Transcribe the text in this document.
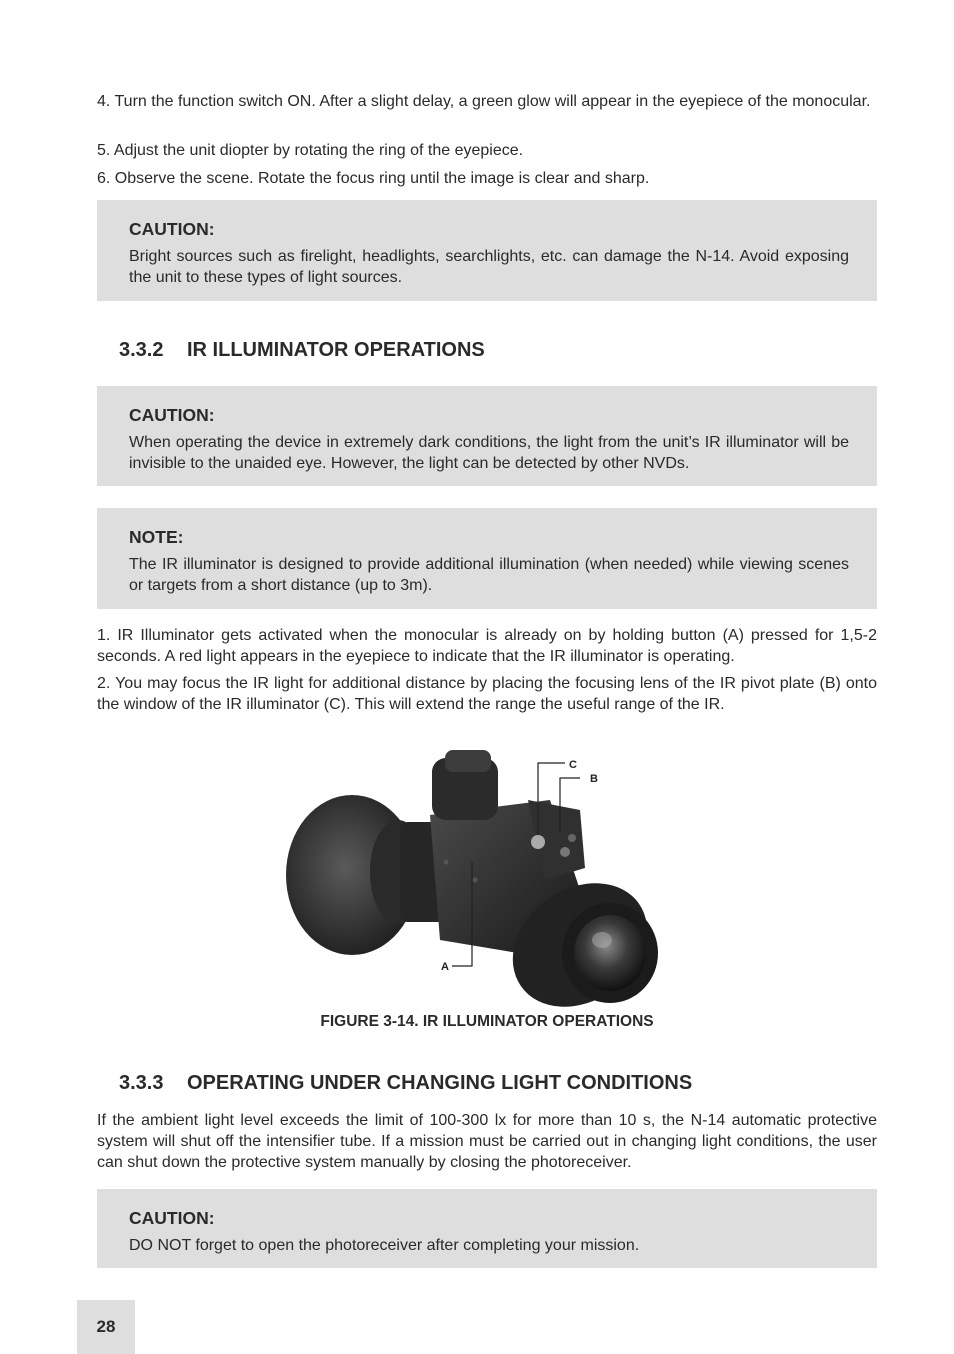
4. Turn the function switch ON. After a slight delay, a green glow will appear in the eyepiece of the monocular.

5. Adjust the unit diopter by rotating the ring of the eyepiece.

6. Observe the scene. Rotate the focus ring until the image is clear and sharp.

CAUTION:
Bright sources such as firelight, headlights, searchlights, etc. can damage the N-14. Avoid exposing the unit to these types of light sources.
3.3.2 IR ILLUMINATOR OPERATIONS
CAUTION:
When operating the device in extremely dark conditions, the light from the unit’s IR illuminator will be invisible to the unaided eye. However, the light can be detected by other NVDs.
NOTE:
The IR illuminator is designed to provide additional illumination (when needed) while viewing scenes or targets from a short distance (up to 3m).

1. IR Illuminator gets activated when the monocular is already on by holding button (A) pressed for 1,5-2 seconds. A red light appears in the eyepiece to indicate that the IR illuminator is operating.

2. You may focus the IR light for additional distance by placing the focusing lens of the IR pivot plate (B) onto the window of the IR illuminator (C). This will extend the range the useful range of the IR.

C
B
A
FIGURE 3-14. IR ILLUMINATOR OPERATIONS
3.3.3 OPERATING UNDER CHANGING LIGHT CONDITIONS

If the ambient light level exceeds the limit of 100-300 lx for more than 10 s, the N-14 automatic protective system will shut off the intensifier tube. If a mission must be carried out in changing light conditions, the user can shut down the protective system manually by closing the photoreceiver.

CAUTION:
DO NOT forget to open the photoreceiver after completing your mission.
28
